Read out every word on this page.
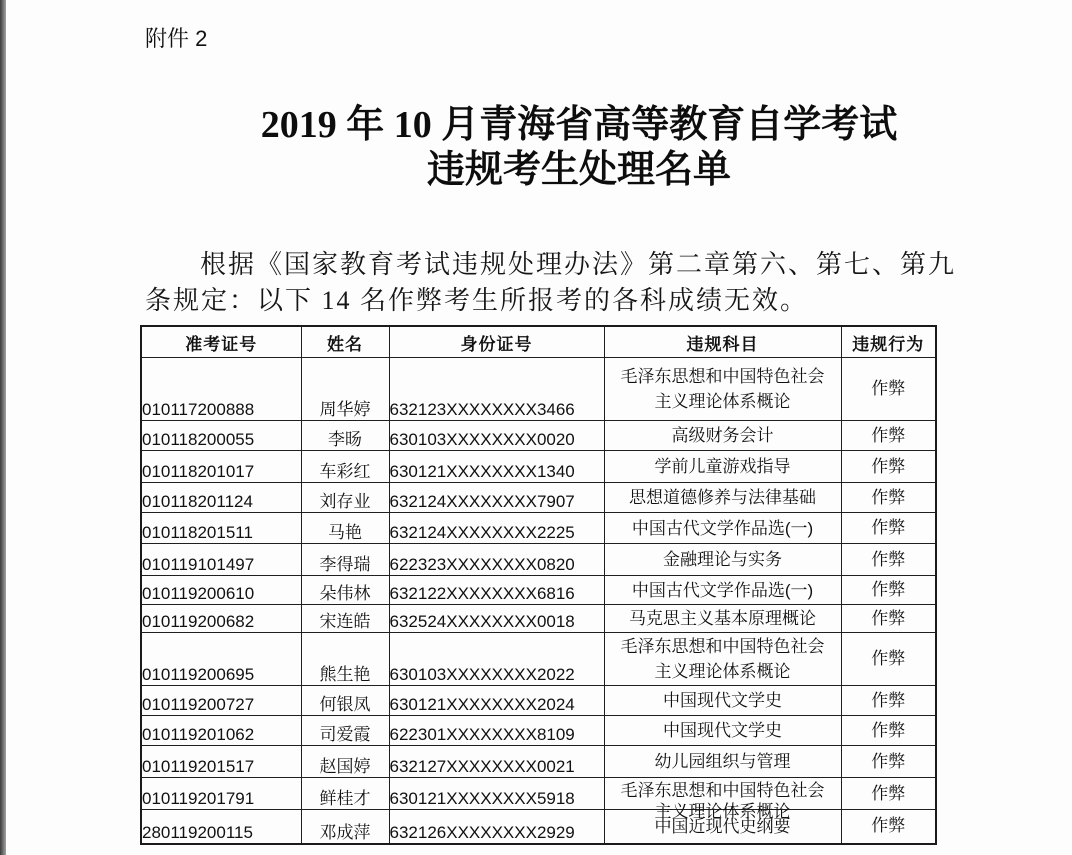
附件 2
2019 年 10 月青海省高等教育自学考试
违规考生处理名单
根据《国家教育考试违规处理办法》第二章第六、第七、第九
条规定：以下 14 名作弊考生所报考的各科成绩无效。
准考证号	姓名	身份证号	违规科目	违规行为
010117200888	周华婷	632123XXXXXXXX3466	毛泽东思想和中国特色社会
主义理论体系概论	作弊
010118200055	李旸	630103XXXXXXXX0020	高级财务会计	作弊
010118201017	车彩红	630121XXXXXXXX1340	学前儿童游戏指导	作弊
010118201124	刘存业	632124XXXXXXXX7907	思想道德修养与法律基础	作弊
010118201511	马艳	632124XXXXXXXX2225	中国古代文学作品选(一)	作弊
010119101497	李得瑞	622323XXXXXXXX0820	金融理论与实务	作弊
010119200610	朵伟林	632122XXXXXXXX6816	中国古代文学作品选(一)	作弊
010119200682	宋连皓	632524XXXXXXXX0018	马克思主义基本原理概论	作弊
010119200695	熊生艳	630103XXXXXXXX2022	毛泽东思想和中国特色社会
主义理论体系概论	作弊
010119200727	何银凤	630121XXXXXXXX2024	中国现代文学史	作弊
010119201062	司爱霞	622301XXXXXXXX8109	中国现代文学史	作弊
010119201517	赵国婷	632127XXXXXXXX0021	幼儿园组织与管理	作弊
010119201791	鲜桂才	630121XXXXXXXX5918	毛泽东思想和中国特色社会
主义理论体系概论	作弊
280119200115	邓成萍	632126XXXXXXXX2929	中国近现代史纲要	作弊
